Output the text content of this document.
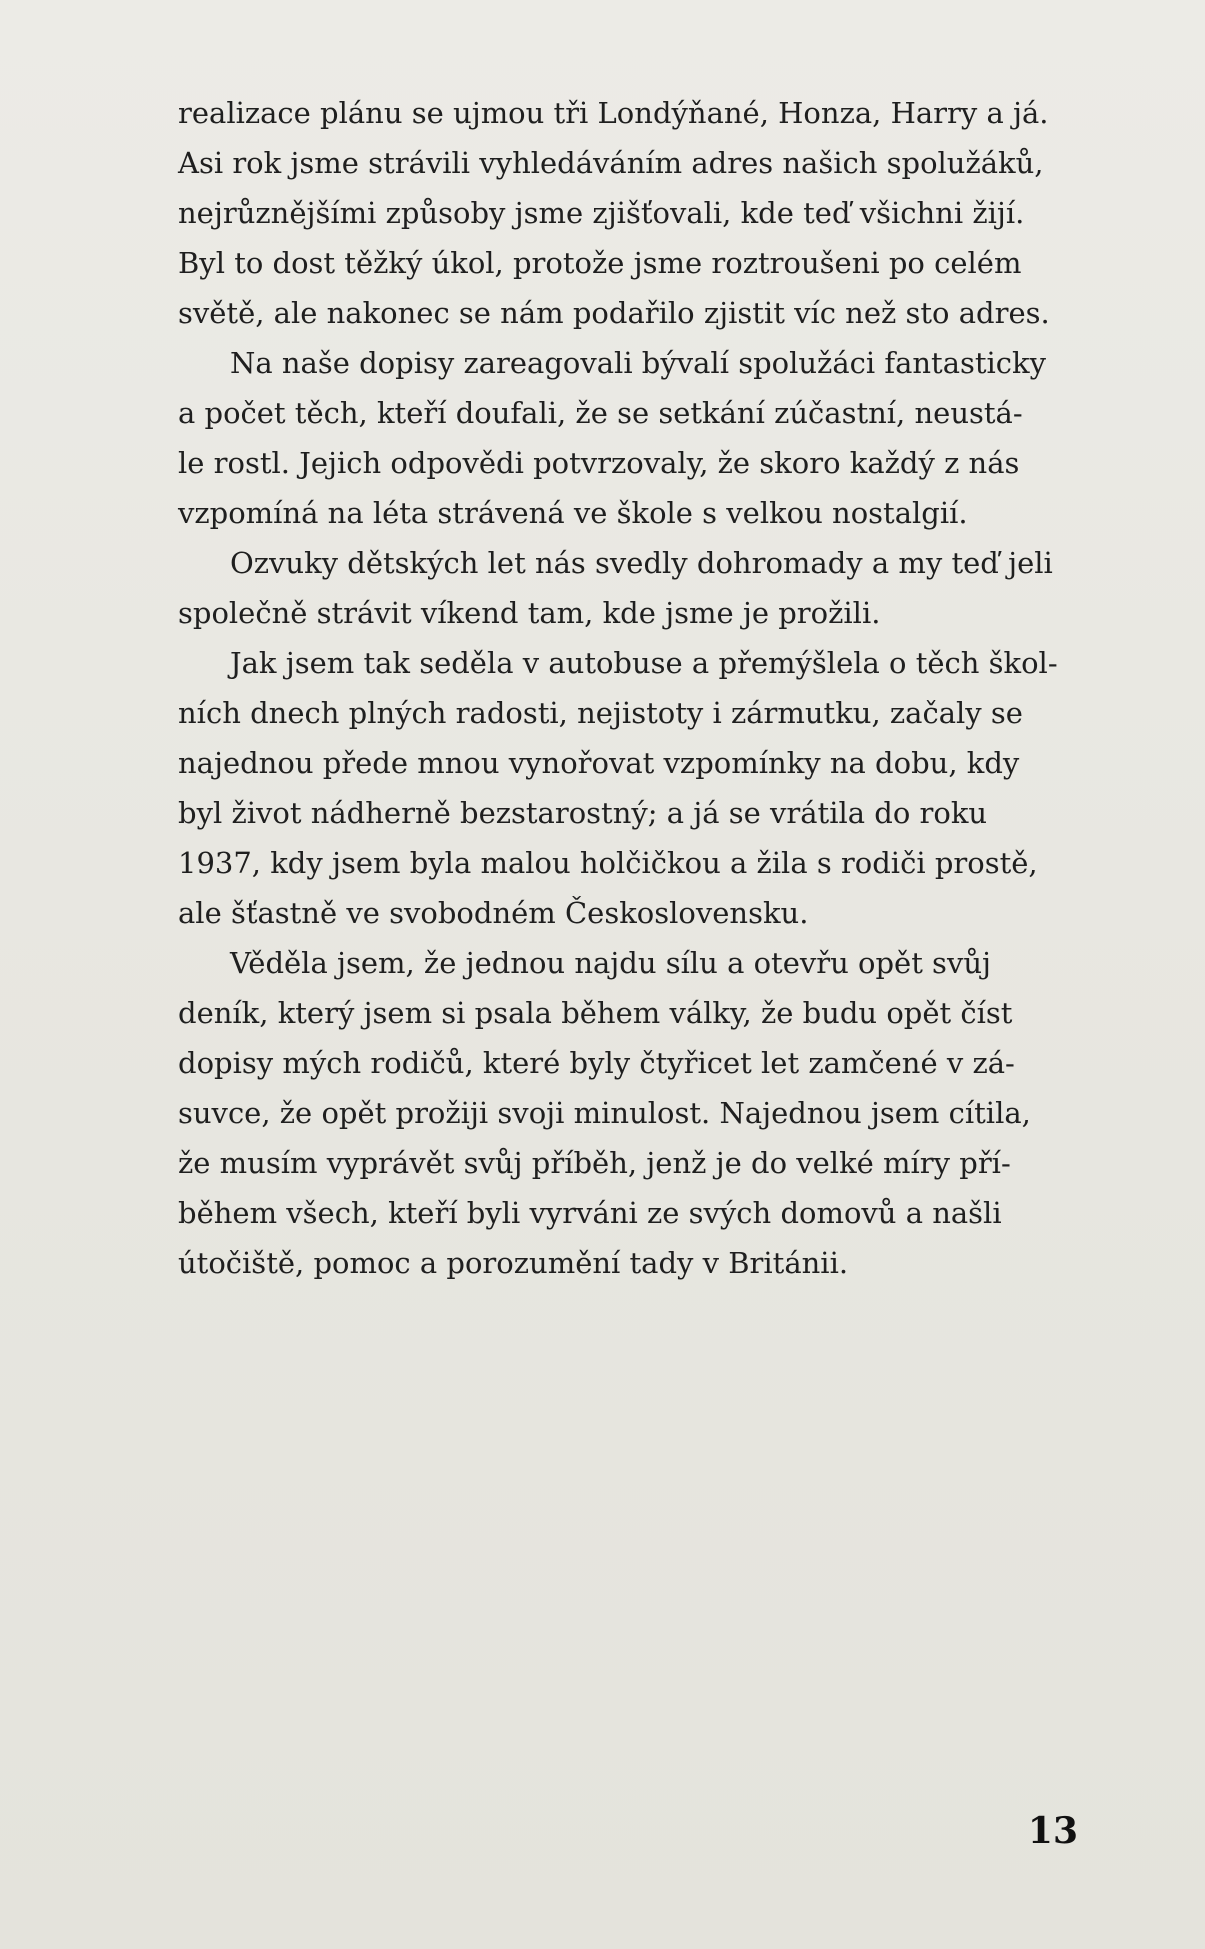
realizace plánu se ujmou tři Londýňané, Honza, Harry a já.
Asi rok jsme strávili vyhledáváním adres našich spolužáků,
nejrůznějšími způsoby jsme zjišťovali, kde teď všichni žijí.
Byl to dost těžký úkol, protože jsme roztroušeni po celém
světě, ale nakonec se nám podařilo zjistit víc než sto adres.
Na naše dopisy zareagovali bývalí spolužáci fantasticky
a počet těch, kteří doufali, že se setkání zúčastní, neustá-
le rostl. Jejich odpovědi potvrzovaly, že skoro každý z nás
vzpomíná na léta strávená ve škole s velkou nostalgií.
Ozvuky dětských let nás svedly dohromady a my teď jeli
společně strávit víkend tam, kde jsme je prožili.
Jak jsem tak seděla v autobuse a přemýšlela o těch škol-
ních dnech plných radosti, nejistoty i zármutku, začaly se
najednou přede mnou vynořovat vzpomínky na dobu, kdy
byl život nádherně bezstarostný; a já se vrátila do roku
1937, kdy jsem byla malou holčičkou a žila s rodiči prostě,
ale šťastně ve svobodném Československu.
Věděla jsem, že jednou najdu sílu a otevřu opět svůj
deník, který jsem si psala během války, že budu opět číst
dopisy mých rodičů, které byly čtyřicet let zamčené v zá-
suvce, že opět prožiji svoji minulost. Najednou jsem cítila,
že musím vyprávět svůj příběh, jenž je do velké míry pří-
během všech, kteří byli vyrváni ze svých domovů a našli
útočiště, pomoc a porozumění tady v Británii.
13
